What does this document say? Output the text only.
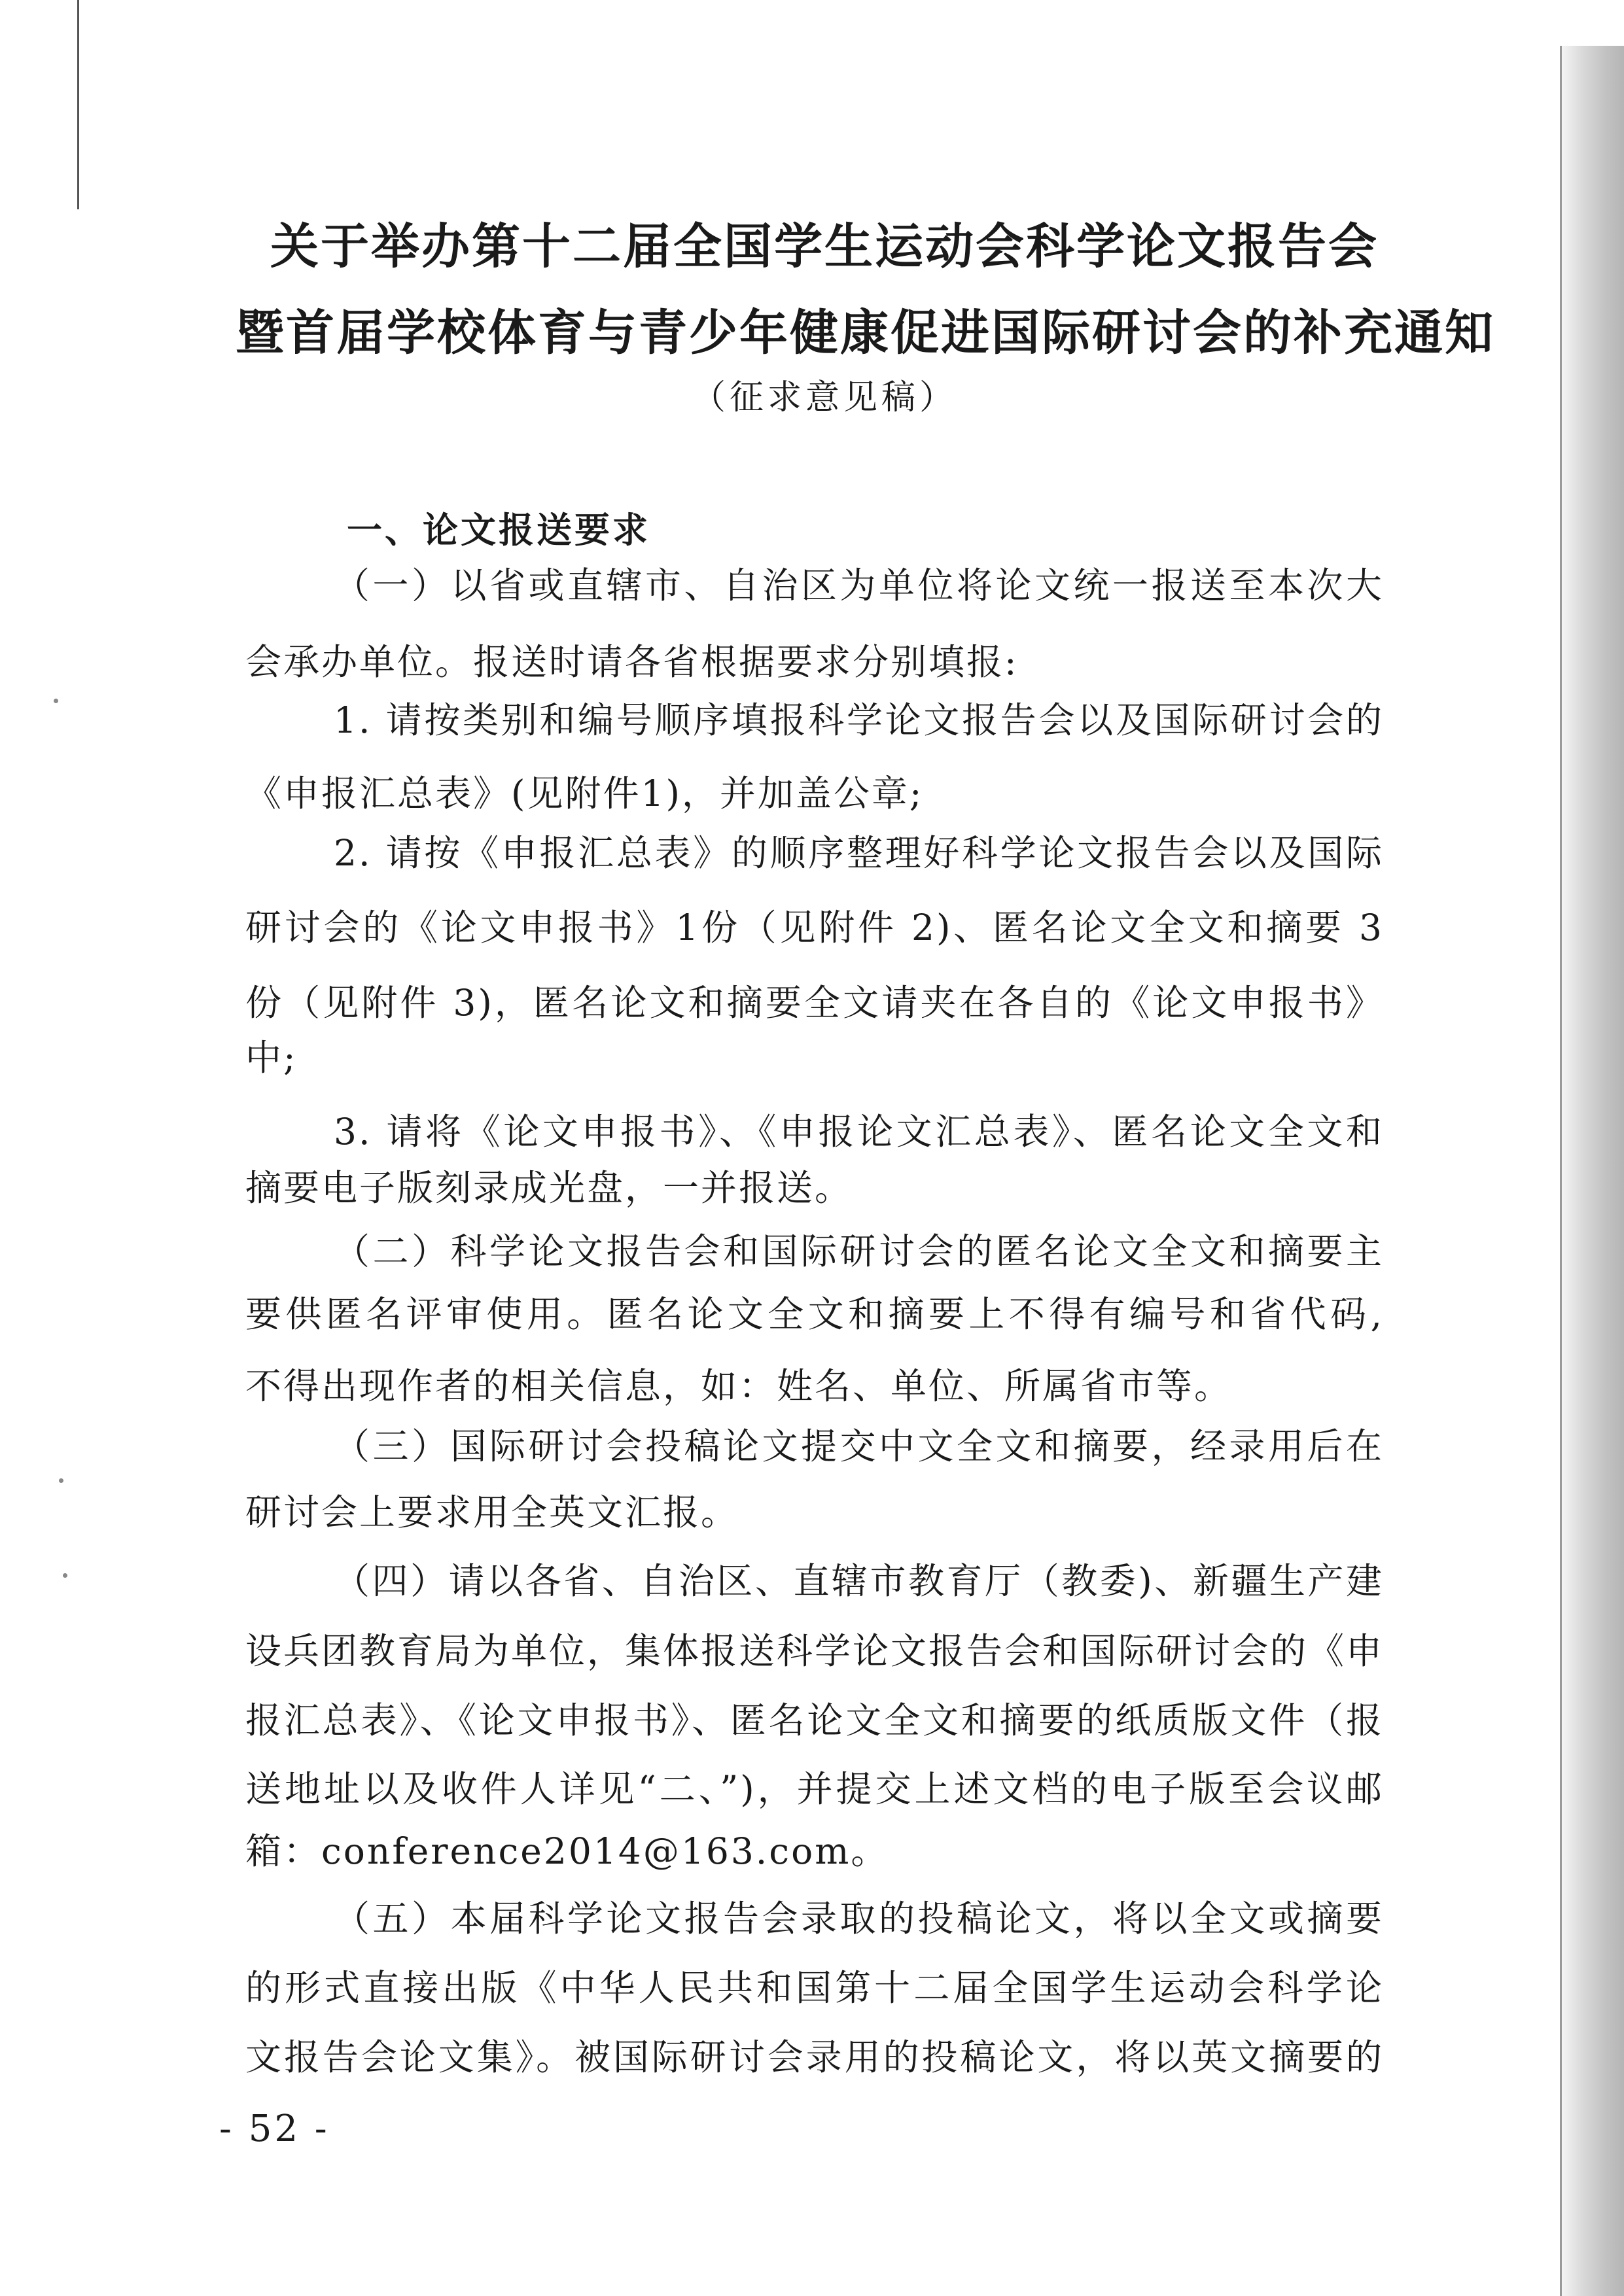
关于举办第十二届全国学生运动会科学论文报告会
暨首届学校体育与青少年健康促进国际研讨会的补充通知
（征求意见稿）
一、论文报送要求
（一）以省或直辖市、自治区为单位将论文统一报送至本次大
会承办单位。报送时请各省根据要求分别填报:
1. 请按类别和编号顺序填报科学论文报告会以及国际研讨会的
《申报汇总表》(见附件1)，并加盖公章;
2. 请按《申报汇总表》的顺序整理好科学论文报告会以及国际
研讨会的《论文申报书》1份（见附件 2)、匿名论文全文和摘要 3
份（见附件 3)，匿名论文和摘要全文请夹在各自的《论文申报书》
中;
3. 请将《论文申报书》、《申报论文汇总表》、匿名论文全文和
摘要电子版刻录成光盘，一并报送。
（二）科学论文报告会和国际研讨会的匿名论文全文和摘要主
要供匿名评审使用。匿名论文全文和摘要上不得有编号和省代码,
不得出现作者的相关信息，如：姓名、单位、所属省市等。
（三）国际研讨会投稿论文提交中文全文和摘要，经录用后在
研讨会上要求用全英文汇报。
（四）请以各省、自治区、直辖市教育厅（教委)、新疆生产建
设兵团教育局为单位，集体报送科学论文报告会和国际研讨会的《申
报汇总表》、《论文申报书》、匿名论文全文和摘要的纸质版文件（报
送地址以及收件人详见“二、”)，并提交上述文档的电子版至会议邮
箱：conference2014@163.com。
（五）本届科学论文报告会录取的投稿论文，将以全文或摘要
的形式直接出版《中华人民共和国第十二届全国学生运动会科学论
文报告会论文集》。被国际研讨会录用的投稿论文，将以英文摘要的
- 52 -
